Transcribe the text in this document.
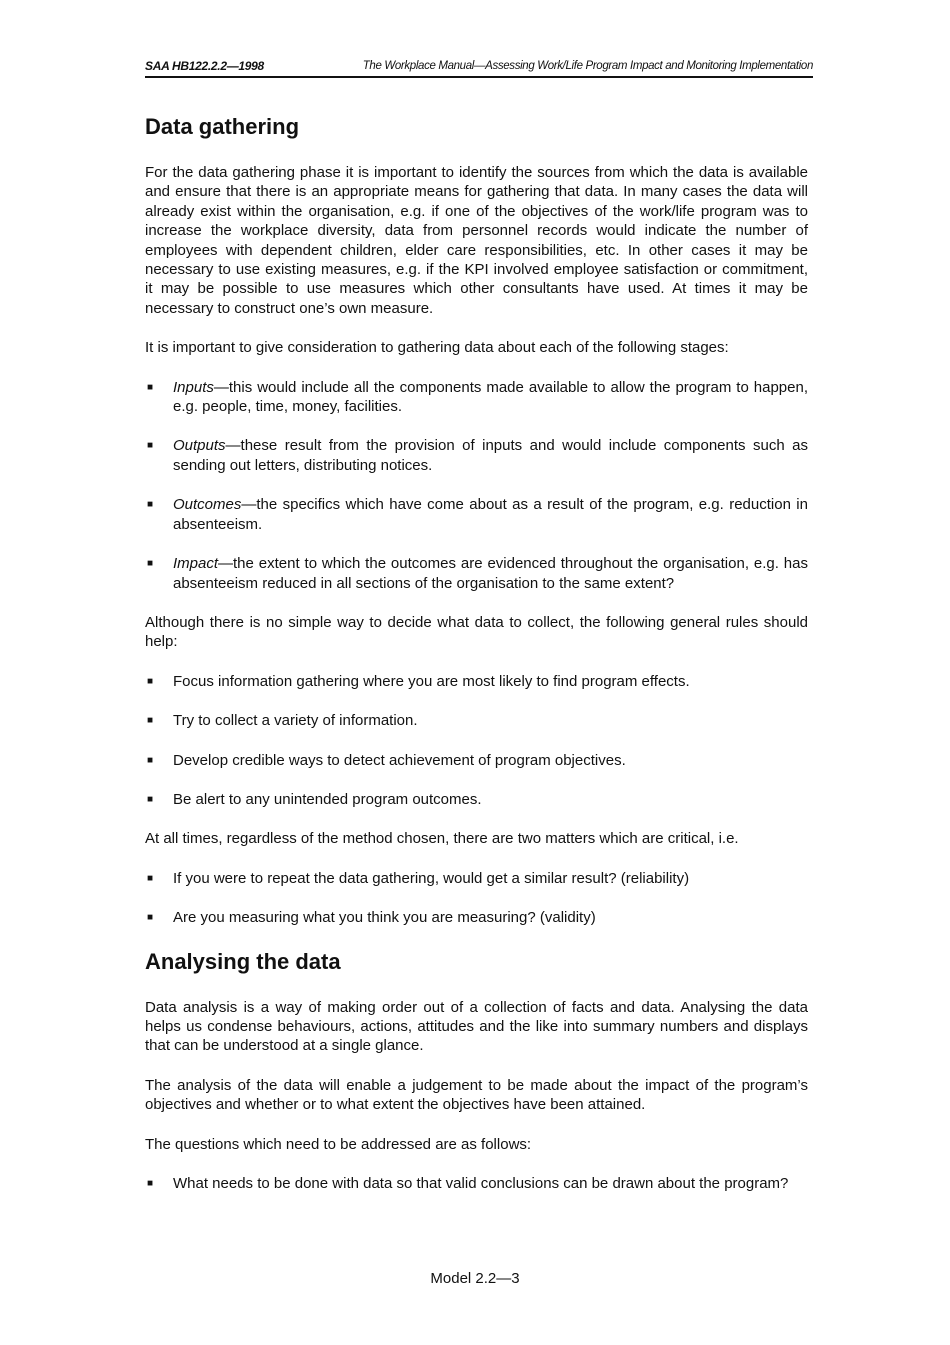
SAA HB122.2.2—1998	The Workplace Manual—Assessing Work/Life Program Impact and Monitoring Implementation
Data gathering

For the data gathering phase it is important to identify the sources from which the data is available and ensure that there is an appropriate means for gathering that data. In many cases the data will already exist within the organisation, e.g. if one of the objectives of the work/life program was to increase the workplace diversity, data from personnel records would indicate the number of employees with dependent children, elder care responsibilities, etc. In other cases it may be necessary to use existing measures, e.g. if the KPI involved employee satisfaction or commitment, it may be possible to use measures which other consultants have used. At times it may be necessary to construct one’s own measure.

It is important to give consideration to gathering data about each of the following stages:

■ Inputs—this would include all the components made available to allow the program to happen, e.g. people, time, money, facilities.
■ Outputs—these result from the provision of inputs and would include components such as sending out letters, distributing notices.
■ Outcomes—the specifics which have come about as a result of the program, e.g. reduction in absenteeism.
■ Impact—the extent to which the outcomes are evidenced throughout the organisation, e.g. has absenteeism reduced in all sections of the organisation to the same extent?

Although there is no simple way to decide what data to collect, the following general rules should help:

■ Focus information gathering where you are most likely to find program effects.
■ Try to collect a variety of information.
■ Develop credible ways to detect achievement of program objectives.
■ Be alert to any unintended program outcomes.

At all times, regardless of the method chosen, there are two matters which are critical, i.e.

■ If you were to repeat the data gathering, would get a similar result? (reliability)
■ Are you measuring what you think you are measuring? (validity)
Analysing the data

Data analysis is a way of making order out of a collection of facts and data. Analysing the data helps us condense behaviours, actions, attitudes and the like into summary numbers and displays that can be understood at a single glance.

The analysis of the data will enable a judgement to be made about the impact of the program’s objectives and whether or to what extent the objectives have been attained.

The questions which need to be addressed are as follows:

■ What needs to be done with data so that valid conclusions can be drawn about the program?
Model 2.2—3
